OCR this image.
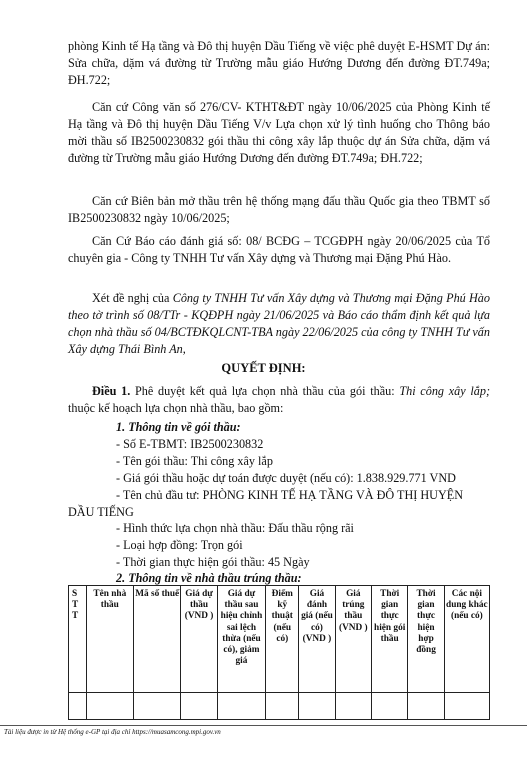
phòng Kinh tế Hạ tầng và Đô thị huyện Dầu Tiếng về việc phê duyệt E-HSMT Dự án: Sửa chữa, dặm vá đường từ Trường mẫu giáo Hướng Dương đến đường ĐT.749a; ĐH.722;
Căn cứ Công văn số 276/CV- KTHT&ĐT ngày 10/06/2025 của Phòng Kinh tế Hạ tầng và Đô thị huyện Dầu Tiếng V/v Lựa chọn xử lý tình huống cho Thông báo mời thầu số IB2500230832 gói thầu thi công xây lắp thuộc dự án Sửa chữa, dặm vá đường từ Trường mẫu giáo Hướng Dương đến đường ĐT.749a; ĐH.722;
Căn cứ Biên bản mở thầu trên hệ thống mạng đấu thầu Quốc gia theo TBMT số IB2500230832 ngày 10/06/2025;
Căn Cứ Báo cáo đánh giá số: 08/ BCĐG – TCGĐPH ngày 20/06/2025 của Tổ chuyên gia - Công ty TNHH Tư vấn Xây dựng và Thương mại Đặng Phú Hào.
Xét đề nghị của Công ty TNHH Tư vấn Xây dựng và Thương mại Đặng Phú Hào theo tờ trình số 08/TTr - KQĐPH ngày 21/06/2025 và Báo cáo thẩm định kết quả lựa chọn nhà thầu số 04/BCTĐKQLCNT-TBA ngày 22/06/2025 của công ty TNHH Tư vấn Xây dựng Thái Bình An,
QUYẾT ĐỊNH:
Điều 1. Phê duyệt kết quả lựa chọn nhà thầu của gói thầu: Thi công xây lắp; thuộc kế hoạch lựa chọn nhà thầu, bao gồm:
1. Thông tin về gói thầu:
- Số E-TBMT: IB2500230832
- Tên gói thầu: Thi công xây lắp
- Giá gói thầu hoặc dự toán được duyệt (nếu có): 1.838.929.771 VND
- Tên chủ đầu tư: PHÒNG KINH TẾ HẠ TẦNG VÀ ĐÔ THỊ HUYỆN DẦU TIẾNG
- Hình thức lựa chọn nhà thầu: Đấu thầu rộng rãi
- Loại hợp đồng: Trọn gói
- Thời gian thực hiện gói thầu: 45 Ngày
2. Thông tin về nhà thầu trúng thầu:
S T T	Tên nhà thầu	Mã số thuế	Giá dự thầu (VND )	Giá dự thầu sau hiệu chỉnh sai lệch thừa (nếu có), giảm giá	Điểm kỹ thuật (nếu có)	Giá đánh giá (nếu có) (VND )	Giá trúng thầu (VND )	Thời gian thực hiện gói thầu	Thời gian thực hiện hợp đồng	Các nội dung khác (nếu có)

Tài liệu được in từ Hệ thống e-GP tại địa chỉ https://muasamcong.mpi.gov.vn
